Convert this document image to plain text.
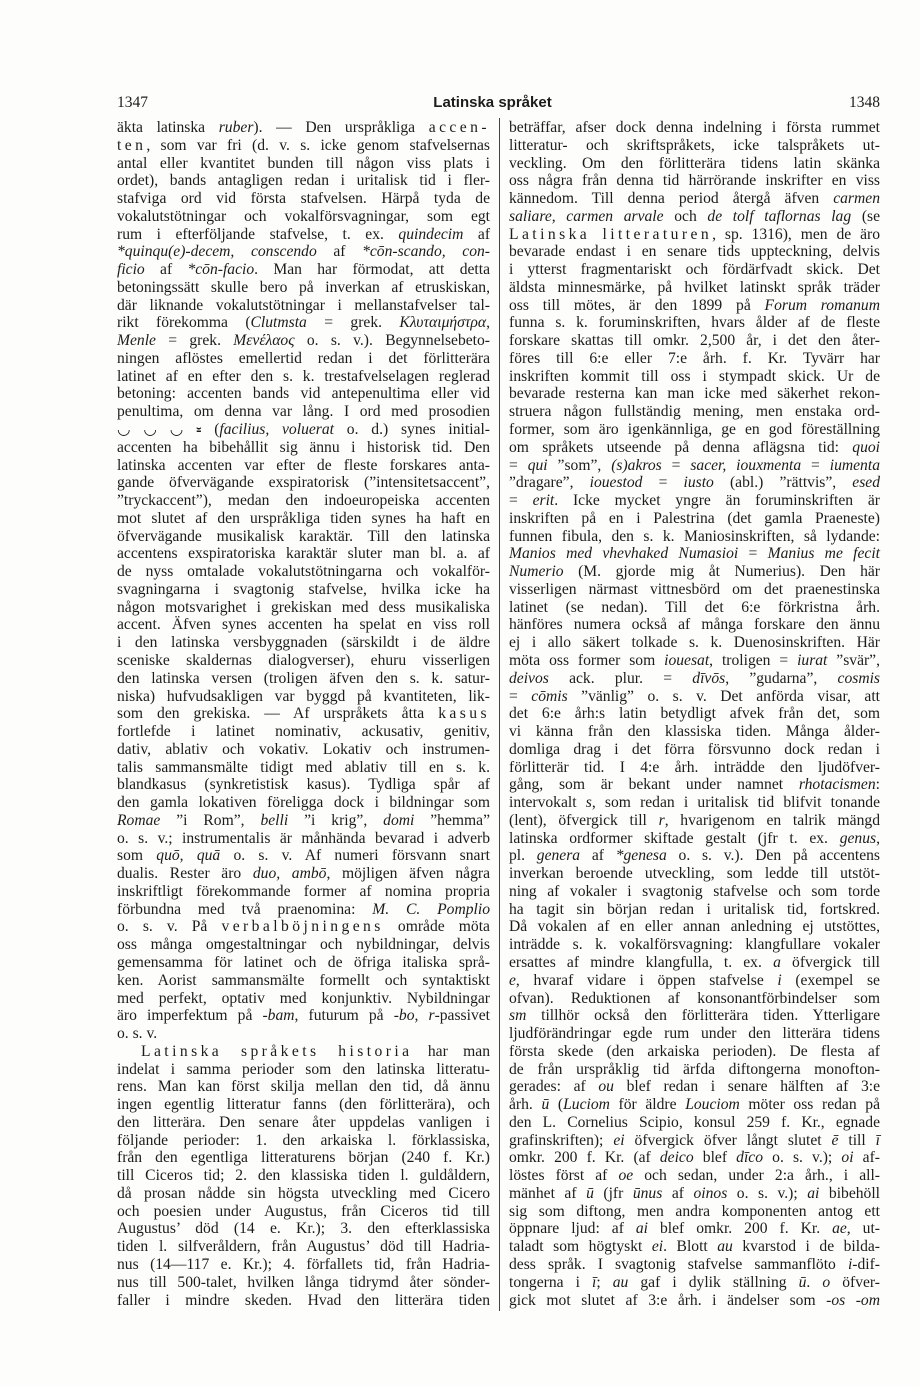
1347	Latinska språket	1348
äkta latinska ruber). — Den urspråkliga accen-
ten, som var fri (d. v. s. icke genom stafvelsernas
antal eller kvantitet bunden till någon viss plats i
ordet), bands antagligen redan i uritalisk tid i fler-
stafviga ord vid första stafvelsen. Härpå tyda de
vokalutstötningar och vokalförsvagningar, som egt
rum i efterföljande stafvelse, t. ex. quindecim af
*quinqu(e)-decem, conscendo af *cōn-scando, con-
ficio af *cōn-facio. Man har förmodat, att detta
betoningssätt skulle bero på inverkan af etruskiskan,
där liknande vokalutstötningar i mellanstafvelser tal-
rikt förekomma (Clutmsta = grek. Κλυταιμήστρα,
Menle = grek. Μενέλαος o. s. v.). Begynnelsebeto-
ningen aflöstes emellertid redan i det förlitterära
latinet af en efter den s. k. trestafvelselagen reglerad
betoning: accenten bands vid antepenultima eller vid
penultima, om denna var lång. I ord med prosodien
◡ ◡ ◡ ⏓ (facilius, voluerat o. d.) synes initial-
accenten ha bibehållit sig ännu i historisk tid. Den
latinska accenten var efter de fleste forskares anta-
gande öfvervägande exspiratorisk (”intensitetsaccent”,
”tryckaccent”), medan den indoeuropeiska accenten
mot slutet af den urspråkliga tiden synes ha haft en
öfvervägande musikalisk karaktär. Till den latinska
accentens exspiratoriska karaktär sluter man bl. a. af
de nyss omtalade vokalutstötningarna och vokalför-
svagningarna i svagtonig stafvelse, hvilka icke ha
någon motsvarighet i grekiskan med dess musikaliska
accent. Äfven synes accenten ha spelat en viss roll
i den latinska versbyggnaden (särskildt i de äldre
sceniske skaldernas dialogverser), ehuru visserligen
den latinska versen (troligen äfven den s. k. satur-
niska) hufvudsakligen var byggd på kvantiteten, lik-
som den grekiska. — Af urspråkets åtta kasus
fortlefde i latinet nominativ, ackusativ, genitiv,
dativ, ablativ och vokativ. Lokativ och instrumen-
talis sammansmälte tidigt med ablativ till en s. k.
blandkasus (synkretistisk kasus). Tydliga spår af
den gamla lokativen föreligga dock i bildningar som
Romae ”i Rom”, belli ”i krig”, domi ”hemma”
o. s. v.; instrumentalis är månhända bevarad i adverb
som quō, quā o. s. v. Af numeri försvann snart
dualis. Rester äro duo, ambō, möjligen äfven några
inskriftligt förekommande former af nomina propria
förbundna med två praenomina: M. C. Pomplio
o. s. v. På verbalböjningens område möta
oss många omgestaltningar och nybildningar, delvis
gemensamma för latinet och de öfriga italiska språ-
ken. Aorist sammansmälte formellt och syntaktiskt
med perfekt, optativ med konjunktiv. Nybildningar
äro imperfektum på -bam, futurum på -bo, r-passivet
o. s. v.
Latinska språkets historia har man
indelat i samma perioder som den latinska litteratu-
rens. Man kan först skilja mellan den tid, då ännu
ingen egentlig litteratur fanns (den förlitterära), och
den litterära. Den senare åter uppdelas vanligen i
följande perioder: 1. den arkaiska l. förklassiska,
från den egentliga litteraturens början (240 f. Kr.)
till Ciceros tid; 2. den klassiska tiden l. guldåldern,
då prosan nådde sin högsta utveckling med Cicero
och poesien under Augustus, från Ciceros tid till
Augustus’ död (14 e. Kr.); 3. den efterklassiska
tiden l. silfveråldern, från Augustus’ död till Hadria-
nus (14—117 e. Kr.); 4. förfallets tid, från Hadria-
nus till 500-talet, hvilken långa tidrymd åter sönder-
faller i mindre skeden. Hvad den litterära tiden
beträffar, afser dock denna indelning i första rummet
litteratur- och skriftspråkets, icke talspråkets ut-
veckling. Om den förlitterära tidens latin skänka
oss några från denna tid härrörande inskrifter en viss
kännedom. Till denna period återgå äfven carmen
saliare, carmen arvale och de tolf taflornas lag (se
Latinska litteraturen, sp. 1316), men de äro
bevarade endast i en senare tids uppteckning, delvis
i ytterst fragmentariskt och fördärfvadt skick. Det
äldsta minnesmärke, på hvilket latinskt språk träder
oss till mötes, är den 1899 på Forum romanum
funna s. k. foruminskriften, hvars ålder af de fleste
forskare skattas till omkr. 2,500 år, i det den åter-
föres till 6:e eller 7:e årh. f. Kr. Tyvärr har
inskriften kommit till oss i stympadt skick. Ur de
bevarade resterna kan man icke med säkerhet rekon-
struera någon fullständig mening, men enstaka ord-
former, som äro igenkännliga, ge en god föreställning
om språkets utseende på denna aflägsna tid: quoi
= qui ”som”, (s)akros = sacer, iouxmenta = iumenta
”dragare”, iouestod = iusto (abl.) ”rättvis”, esed
= erit. Icke mycket yngre än foruminskriften är
inskriften på en i Palestrina (det gamla Praeneste)
funnen fibula, den s. k. Maniosinskriften, så lydande:
Manios med vhevhaked Numasioi = Manius me fecit
Numerio (M. gjorde mig åt Numerius). Den här
visserligen närmast vittnesbörd om det praenestinska
latinet (se nedan). Till det 6:e förkristna årh.
hänföres numera också af många forskare den ännu
ej i allo säkert tolkade s. k. Duenosinskriften. Här
möta oss former som iouesat, troligen = iurat ”svär”,
deivos ack. plur. = dīvōs, ”gudarna”, cosmis
= cōmis ”vänlig” o. s. v. Det anförda visar, att
det 6:e årh:s latin betydligt afvek från det, som
vi känna från den klassiska tiden. Många ålder-
domliga drag i det förra försvunno dock redan i
förlitterär tid. I 4:e årh. inträdde den ljudöfver-
gång, som är bekant under namnet rhotacismen:
intervokalt s, som redan i uritalisk tid blifvit tonande
(lent), öfvergick till r, hvarigenom en talrik mängd
latinska ordformer skiftade gestalt (jfr t. ex. genus,
pl. genera af *genesa o. s. v.). Den på accentens
inverkan beroende utveckling, som ledde till utstöt-
ning af vokaler i svagtonig stafvelse och som torde
ha tagit sin början redan i uritalisk tid, fortskred.
Då vokalen af en eller annan anledning ej utstöttes,
inträdde s. k. vokalförsvagning: klangfullare vokaler
ersattes af mindre klangfulla, t. ex. a öfvergick till
e, hvaraf vidare i öppen stafvelse i (exempel se
ofvan). Reduktionen af konsonantförbindelser som
sm tillhör också den förlitterära tiden. Ytterligare
ljudförändringar egde rum under den litterära tidens
första skede (den arkaiska perioden). De flesta af
de från urspråklig tid ärfda diftongerna monofton-
gerades: af ou blef redan i senare hälften af 3:e
årh. ū (Luciom för äldre Louciom möter oss redan på
den L. Cornelius Scipio, konsul 259 f. Kr., egnade
grafinskriften); ei öfvergick öfver långt slutet ē till ī
omkr. 200 f. Kr. (af deico blef dīco o. s. v.); oi af-
löstes först af oe och sedan, under 2:a årh., i all-
mänhet af ū (jfr ūnus af oinos o. s. v.); ai bibehöll
sig som diftong, men andra komponenten antog ett
öppnare ljud: af ai blef omkr. 200 f. Kr. ae, ut-
taladt som högtyskt ei. Blott au kvarstod i de bilda-
dess språk. I svagtonig stafvelse sammanflöto i-dif-
tongerna i ī; au gaf i dylik ställning ū. o öfver-
gick mot slutet af 3:e årh. i ändelser som -os -om
